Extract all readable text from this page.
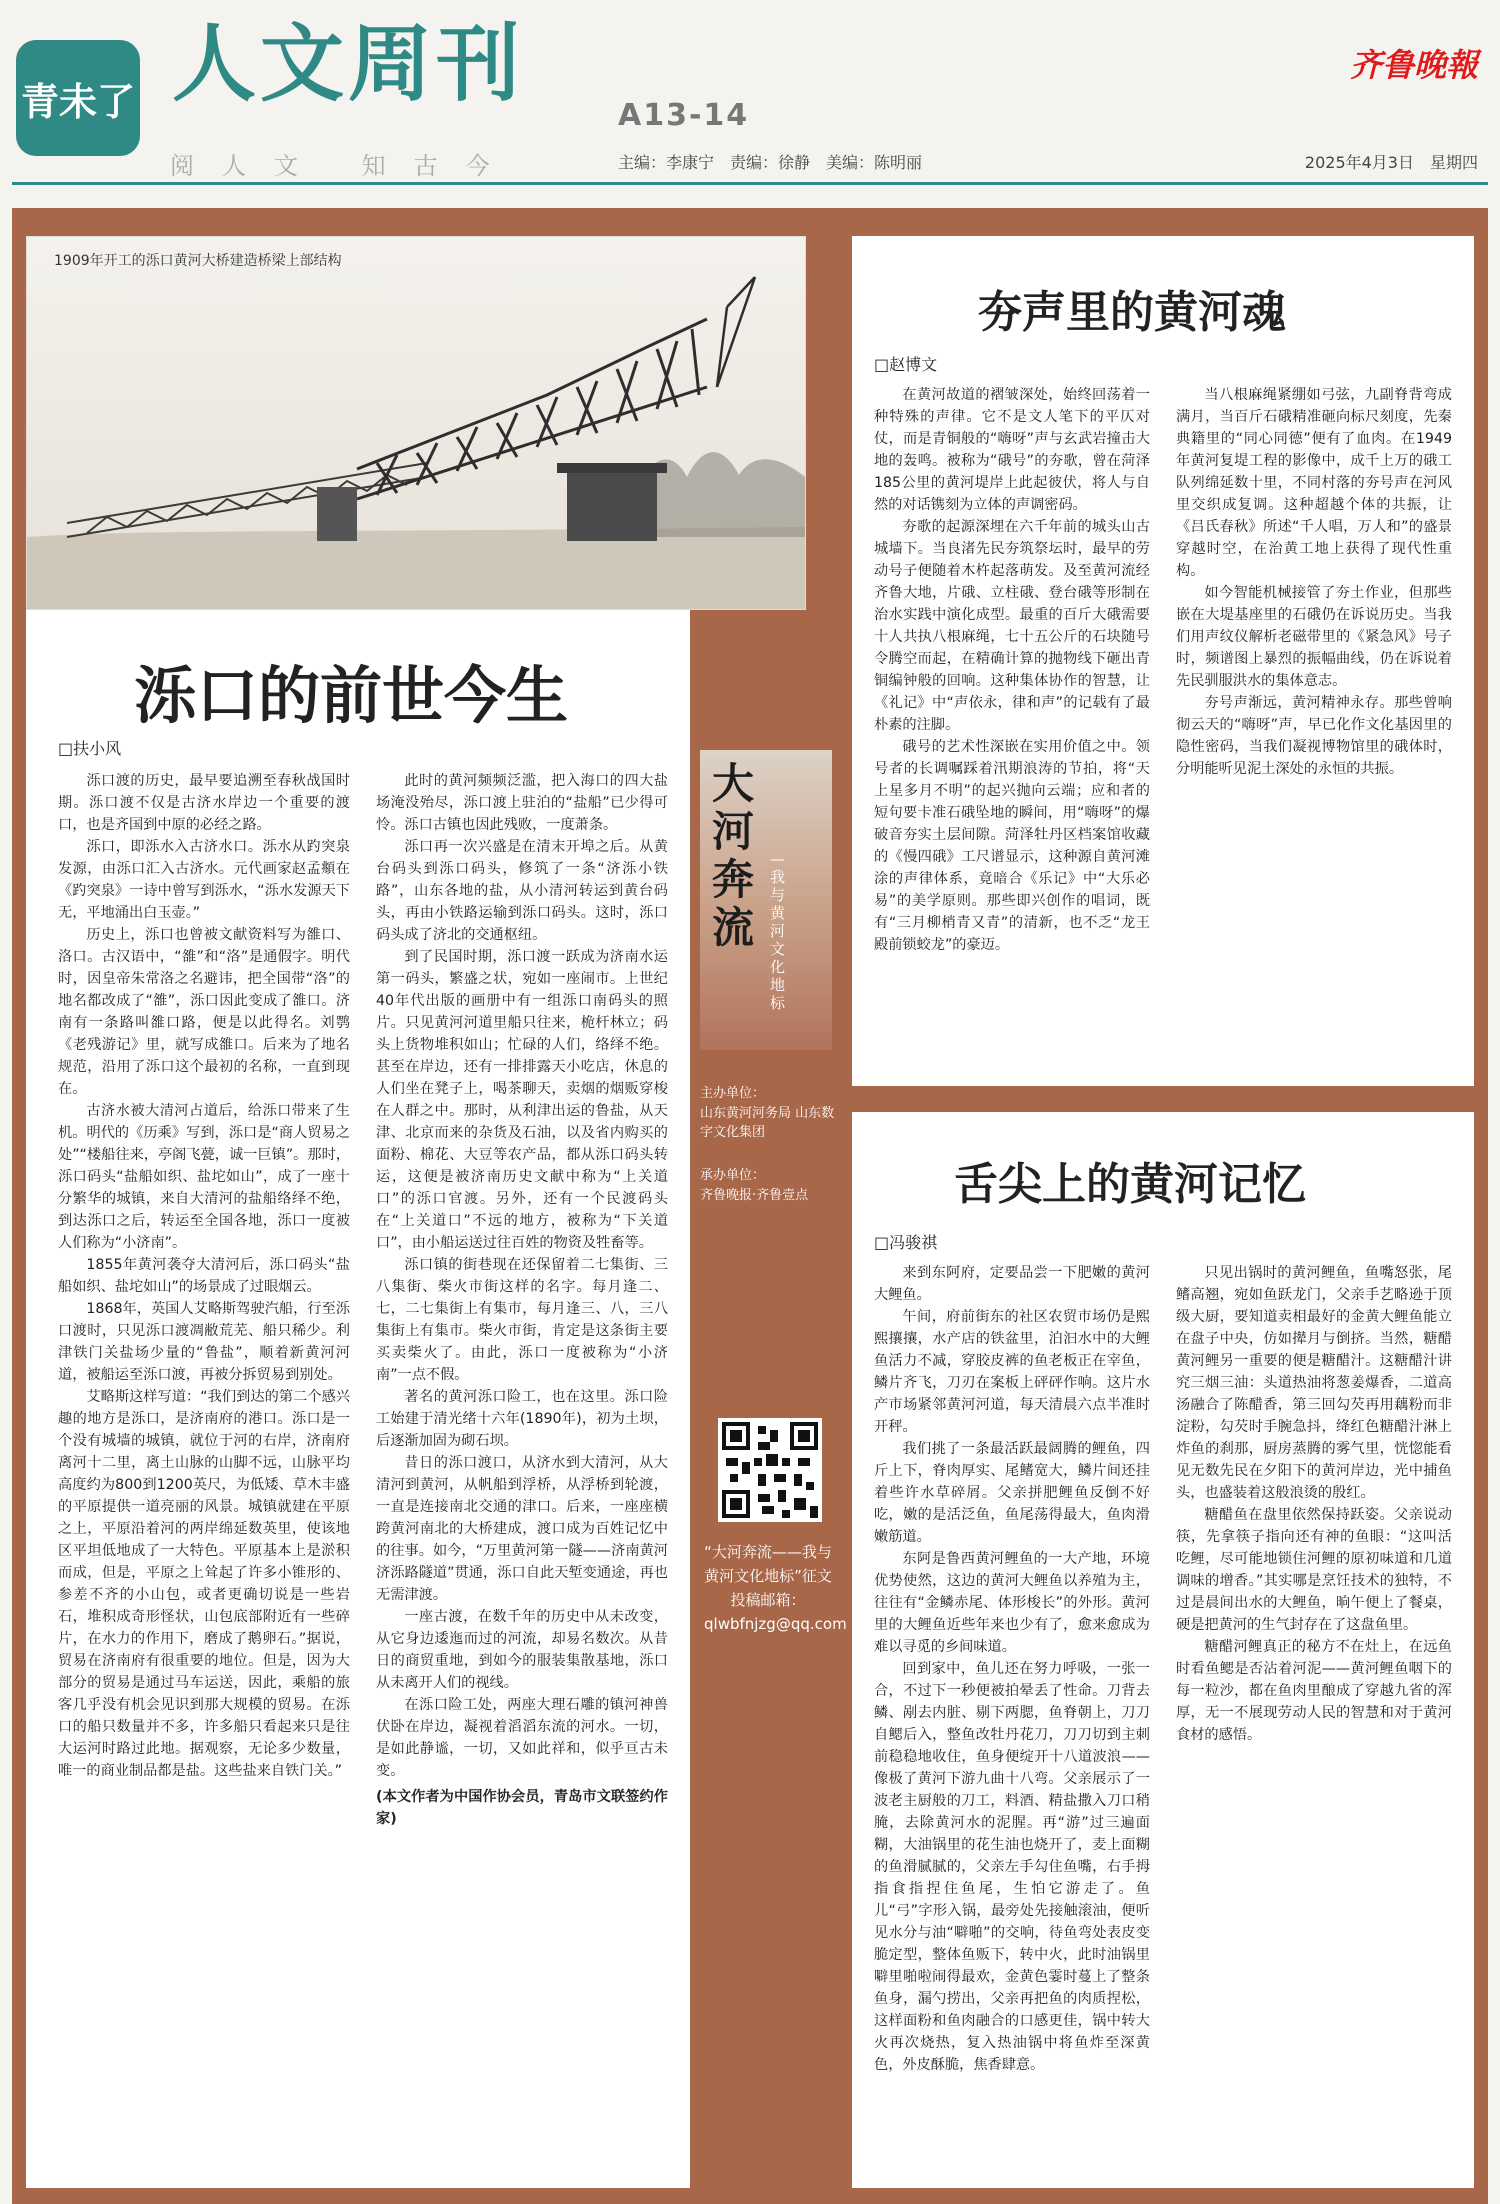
青未了 人文周刊
A13-14
阅人文 知古今	主编：李康宁　责编：徐静　美编：陈明丽
齐鲁晚報
2025年4月3日　星期四
1909年开工的泺口黄河大桥建造桥梁上部结构
泺口的前世今生
□扶小风

泺口渡的历史，最早要追溯至春秋战国时期。泺口渡不仅是古济水岸边一个重要的渡口，也是齐国到中原的必经之路。

泺口，即泺水入古济水口。泺水从趵突泉发源，由泺口汇入古济水。元代画家赵孟頫在《趵突泉》一诗中曾写到泺水，“泺水发源天下无，平地涌出白玉壶。”

历史上，泺口也曾被文献资料写为雒口、洛口。古汉语中，“雒”和“洛”是通假字。明代时，因皇帝朱常洛之名避讳，把全国带“洛”的地名都改成了“雒”，泺口因此变成了雒口。济南有一条路叫雒口路，便是以此得名。刘鹗《老残游记》里，就写成雒口。后来为了地名规范，沿用了泺口这个最初的名称，一直到现在。

古济水被大清河占道后，给泺口带来了生机。明代的《历乘》写到，泺口是“商人贸易之处”“楼船往来，亭阁飞甍，诚一巨镇”。那时，泺口码头“盐船如织、盐坨如山”，成了一座十分繁华的城镇，来自大清河的盐船络绎不绝，到达泺口之后，转运至全国各地，泺口一度被人们称为“小济南”。

1855年黄河袭夺大清河后，泺口码头“盐船如织、盐坨如山”的场景成了过眼烟云。

1868年，英国人艾略斯驾驶汽船，行至泺口渡时，只见泺口渡凋敝荒芜、船只稀少。利津铁门关盐场少量的“鲁盐”，顺着新黄河河道，被船运至泺口渡，再被分拆贸易到别处。

艾略斯这样写道：“我们到达的第二个感兴趣的地方是泺口，是济南府的港口。泺口是一个没有城墙的城镇，就位于河的右岸，济南府离河十二里，离土山脉的山脚不远，山脉平均高度约为800到1200英尺，为低矮、草木丰盛的平原提供一道亮丽的风景。城镇就建在平原之上，平原沿着河的两岸绵延数英里，使该地区平坦低地成了一大特色。平原基本上是淤积而成，但是，平原之上耸起了许多小锥形的、参差不齐的小山包，或者更确切说是一些岩石，堆积成奇形怪状，山包底部附近有一些碎片，在水力的作用下，磨成了鹅卵石。”据说，贸易在济南府有很重要的地位。但是，因为大部分的贸易是通过马车运送，因此，乘船的旅客几乎没有机会见识到那大规模的贸易。在泺口的船只数量并不多，许多船只看起来只是往大运河时路过此地。据观察，无论多少数量，唯一的商业制品都是盐。这些盐来自铁门关。”

此时的黄河频频泛滥，把入海口的四大盐场淹没殆尽，泺口渡上驻泊的“盐船”已少得可怜。泺口古镇也因此残败，一度萧条。

泺口再一次兴盛是在清末开埠之后。从黄台码头到泺口码头，修筑了一条“济泺小铁路”，山东各地的盐，从小清河转运到黄台码头，再由小铁路运输到泺口码头。这时，泺口码头成了济北的交通枢纽。

到了民国时期，泺口渡一跃成为济南水运第一码头，繁盛之状，宛如一座闹市。上世纪40年代出版的画册中有一组泺口南码头的照片。只见黄河河道里船只往来，桅杆林立；码头上货物堆积如山；忙碌的人们，络绎不绝。甚至在岸边，还有一排排露天小吃店，休息的人们坐在凳子上，喝茶聊天，卖烟的烟贩穿梭在人群之中。那时，从利津出运的鲁盐，从天津、北京而来的杂货及石油，以及省内购买的面粉、棉花、大豆等农产品，都从泺口码头转运，这便是被济南历史文献中称为“上关道口”的泺口官渡。另外，还有一个民渡码头在“上关道口”不远的地方，被称为“下关道口”，由小船运送过往百姓的物资及牲畜等。

泺口镇的街巷现在还保留着二七集街、三八集街、柴火市街这样的名字。每月逢二、七，二七集街上有集市，每月逢三、八，三八集街上有集市。柴火市街，肯定是这条街主要买卖柴火了。由此，泺口一度被称为“小济南”一点不假。

著名的黄河泺口险工，也在这里。泺口险工始建于清光绪十六年(1890年)，初为土坝，后逐渐加固为砌石坝。

昔日的泺口渡口，从济水到大清河，从大清河到黄河，从帆船到浮桥，从浮桥到轮渡，一直是连接南北交通的津口。后来，一座座横跨黄河南北的大桥建成，渡口成为百姓记忆中的往事。如今，“万里黄河第一隧——济南黄河济泺路隧道”贯通，泺口自此天堑变通途，再也无需津渡。

一座古渡，在数千年的历史中从未改变，从它身边逶迤而过的河流，却易名数次。从昔日的商贸重地，到如今的服装集散基地，泺口从未离开人们的视线。

在泺口险工处，两座大理石雕的镇河神兽伏卧在岸边，凝视着滔滔东流的河水。一切，是如此静谧，一切，又如此祥和，似乎亘古未变。

(本文作者为中国作协会员，青岛市文联签约作家)

大河奔流
—我与黄河文化地标
主办单位：
山东黄河河务局 山东数字文化集团
承办单位：
齐鲁晚报·齐鲁壹点
“大河奔流——我与黄河文化地标”征文投稿邮箱：qlwbfnjzg@qq.com
夯声里的黄河魂
□赵博文

在黄河故道的褶皱深处，始终回荡着一种特殊的声律。它不是文人笔下的平仄对仗，而是青铜般的“嗨呀”声与玄武岩撞击大地的轰鸣。被称为“硪号”的夯歌，曾在菏泽185公里的黄河堤岸上此起彼伏，将人与自然的对话镌刻为立体的声调密码。

夯歌的起源深埋在六千年前的城头山古城墙下。当良渚先民夯筑祭坛时，最早的劳动号子便随着木杵起落萌发。及至黄河流经齐鲁大地，片硪、立柱硪、登台硪等形制在治水实践中演化成型。最重的百斤大硪需要十人共执八根麻绳，七十五公斤的石块随号令腾空而起，在精确计算的抛物线下砸出青铜编钟般的回响。这种集体协作的智慧，让《礼记》中“声依永，律和声”的记载有了最朴素的注脚。

硪号的艺术性深嵌在实用价值之中。领号者的长调嘱踩着汛期浪涛的节拍，将“天上星多月不明”的起兴抛向云端；应和者的短句要卡准石硪坠地的瞬间，用“嗨呀”的爆破音夯实土层间隙。菏泽牡丹区档案馆收藏的《慢四硪》工尺谱显示，这种源自黄河滩涂的声律体系，竟暗合《乐记》中“大乐必易”的美学原则。那些即兴创作的唱词，既有“三月柳梢青又青”的清新，也不乏“龙王殿前锁蛟龙”的豪迈。

当八根麻绳紧绷如弓弦，九副脊背弯成满月，当百斤石硪精准砸向标尺刻度，先秦典籍里的“同心同德”便有了血肉。在1949年黄河复堤工程的影像中，成千上万的硪工队列绵延数十里，不同村落的夯号声在河风里交织成复调。这种超越个体的共振，让《吕氏春秋》所述“千人唱，万人和”的盛景穿越时空，在治黄工地上获得了现代性重构。

如今智能机械接管了夯土作业，但那些嵌在大堤基座里的石硪仍在诉说历史。当我们用声纹仪解析老磁带里的《紧急风》号子时，频谱图上暴烈的振幅曲线，仍在诉说着先民驯服洪水的集体意志。

夯号声渐远，黄河精神永存。那些曾响彻云天的“嗨呀”声，早已化作文化基因里的隐性密码，当我们凝视博物馆里的硪体时，分明能听见泥土深处的永恒的共振。

舌尖上的黄河记忆
□冯骏祺

来到东阿府，定要品尝一下肥嫩的黄河大鲤鱼。

午间，府前街东的社区农贸市场仍是熙熙攘攘，水产店的铁盆里，泊汩水中的大鲤鱼活力不减，穿胶皮裤的鱼老板正在宰鱼，鳞片齐飞，刀刃在案板上砰砰作响。这片水产市场紧邻黄河河道，每天清晨六点半准时开秤。

我们挑了一条最活跃最阔腾的鲤鱼，四斤上下，脊肉厚实、尾鳍宽大，鳞片间还挂着些许水草碎屑。父亲拼肥鲤鱼反倒不好吃，嫩的是活泛鱼，鱼尾荡得最大，鱼肉滑嫩筋道。

东阿是鲁西黄河鲤鱼的一大产地，环境优势使然，这边的黄河大鲤鱼以养殖为主，往往有“金鳞赤尾、体形梭长”的外形。黄河里的大鲤鱼近些年来也少有了，愈来愈成为难以寻觅的乡间味道。

回到家中，鱼儿还在努力呼吸，一张一合，不过下一秒便被拍晕丢了性命。刀背去鳞、剐去内脏、剔下两腮，鱼脊朝上，刀刀自鳃后入，整鱼改牡丹花刀，刀刀切到主刺前稳稳地收住，鱼身便绽开十八道波浪——像极了黄河下游九曲十八弯。父亲展示了一波老主厨般的刀工，料酒、精盐撒入刀口稍腌，去除黄河水的泥腥。再“游”过三遍面糊，大油锅里的花生油也烧开了，麦上面糊的鱼滑腻腻的，父亲左手勾住鱼嘴，右手拇指食指捏住鱼尾，生怕它游走了。鱼儿“弓”字形入锅，最旁处先接触滚油，便听见水分与油“噼啪”的交响，待鱼弯处表皮变脆定型，整体鱼贩下，转中火，此时油锅里噼里啪啦闹得最欢，金黄色霎时蔓上了整条鱼身，漏勺捞出，父亲再把鱼的肉质捏松，这样面粉和鱼肉融合的口感更佳，锅中转大火再次烧热，复入热油锅中将鱼炸至深黄色，外皮酥脆，焦香肆意。

只见出锅时的黄河鲤鱼，鱼嘴怒张，尾鳍高翘，宛如鱼跃龙门，父亲手艺略逊于顶级大厨，要知道卖相最好的金黄大鲤鱼能立在盘子中央，仿如撵月与倒挤。当然，糖醋黄河鲤另一重要的便是糖醋汁。这糖醋汁讲究三烟三油：头道热油将葱姜爆香，二道高汤融合了陈醋香，第三回勾芡再用藕粉而非淀粉，勾芡时手腕急抖，绛红色糖醋汁淋上炸鱼的刹那，厨房蒸腾的雾气里，恍惚能看见无数先民在夕阳下的黄河岸边，光中捕鱼头，也盛装着这般浪烫的殷红。

糖醋鱼在盘里依然保持跃姿。父亲说动筷，先拿筷子指向还有神的鱼眼：“这叫活吃鲤，尽可能地锁住河鲤的原初味道和几道调味的增香。”其实哪是烹饪技术的独特，不过是晨间出水的大鲤鱼，晌午便上了餐桌，硬是把黄河的生气封存在了这盘鱼里。

糖醋河鲤真正的秘方不在灶上，在远鱼时看鱼鳃是否沾着河泥——黄河鲤鱼咽下的每一粒沙，都在鱼肉里酿成了穿越九省的浑厚，无一不展现劳动人民的智慧和对于黄河食材的感悟。
